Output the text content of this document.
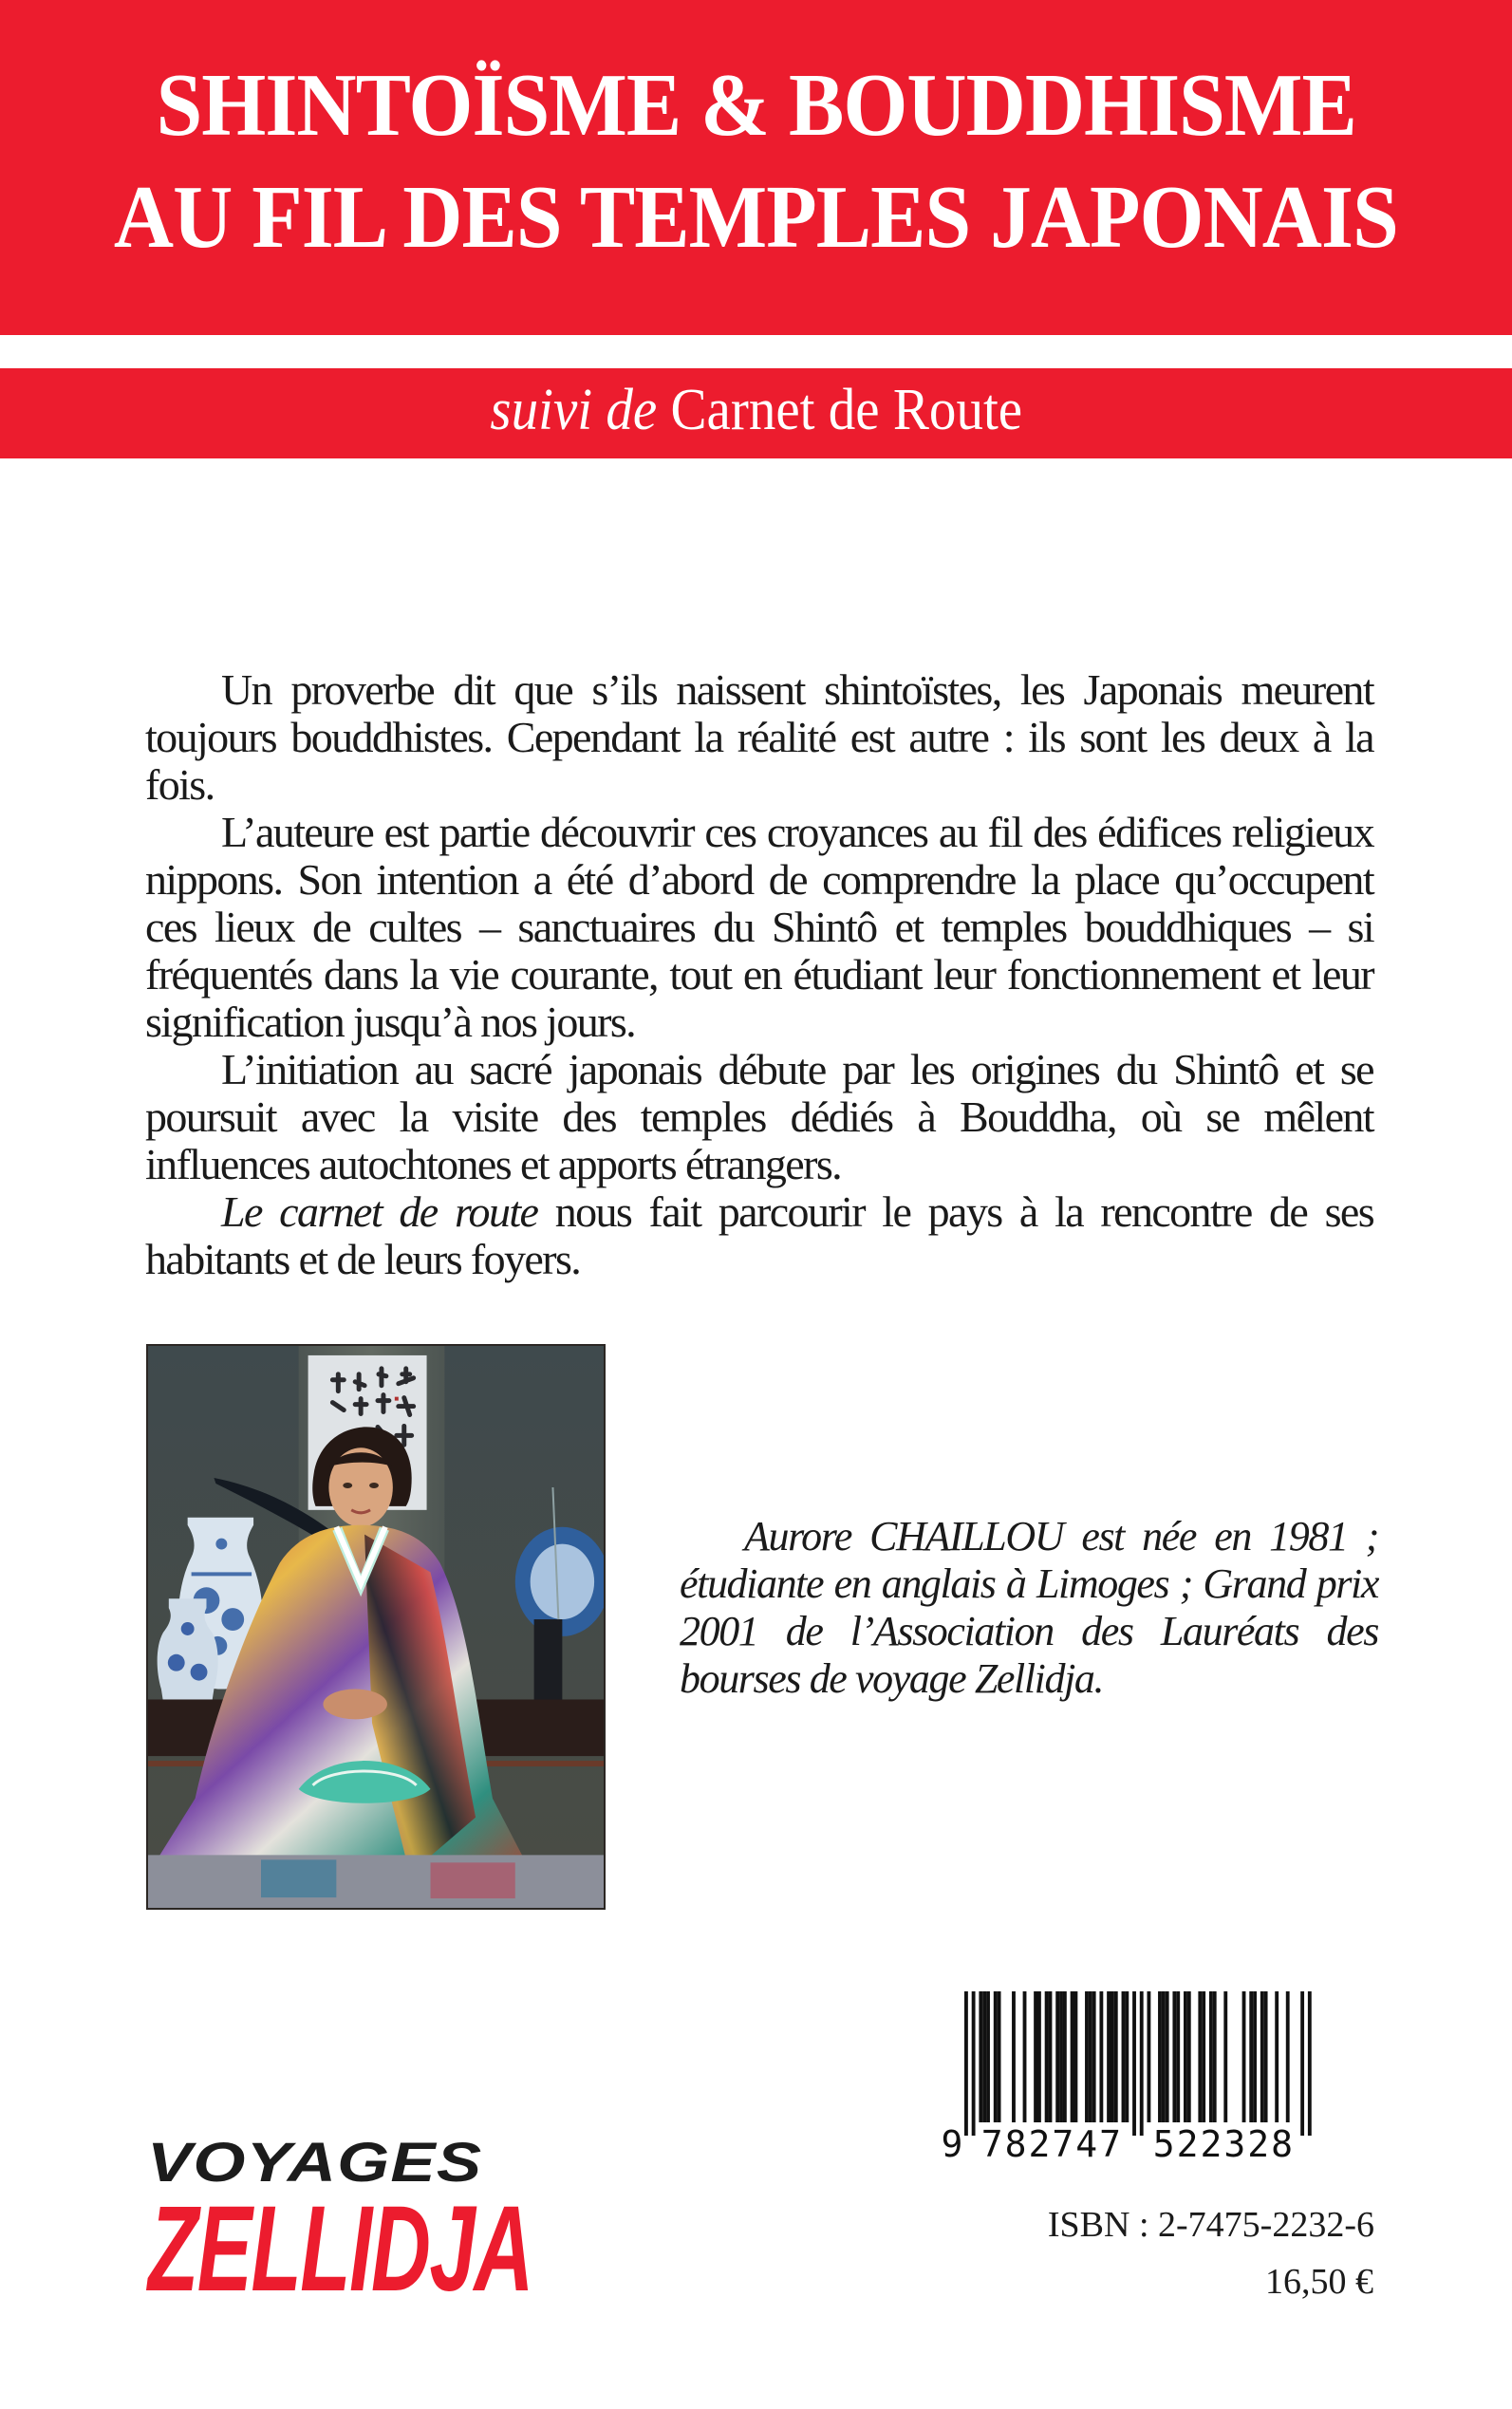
SHINTOÏSME & BOUDDHISME
AU FIL DES TEMPLES JAPONAIS
suivi de Carnet de Route

Un proverbe dit que s’ils naissent shintoïstes, les Japonais meurent toujours bouddhistes. Cependant la réalité est autre : ils sont les deux à la fois.

L’auteure est partie découvrir ces croyances au fil des édifices religieux nippons. Son intention a été d’abord de comprendre la place qu’occupent ces lieux de cultes – sanctuaires du Shintô et temples bouddhiques – si fréquentés dans la vie courante, tout en étudiant leur fonctionnement et leur signification jusqu’à nos jours.

L’initiation au sacré japonais débute par les origines du Shintô et se poursuit avec la visite des temples dédiés à Bouddha, où se mêlent influences autochtones et apports étrangers.

Le carnet de route nous fait parcourir le pays à la rencontre de ses habitants et de leurs foyers.

Aurore CHAILLOU est née en 1981 ; étudiante en anglais à Limoges ; Grand prix 2001 de l’Association des Lauréats des bourses de voyage Zellidja.
9 782747 522328
ISBN : 2-7475-2232-6
16,50 €
VOYAGES
ZELLIDJA
